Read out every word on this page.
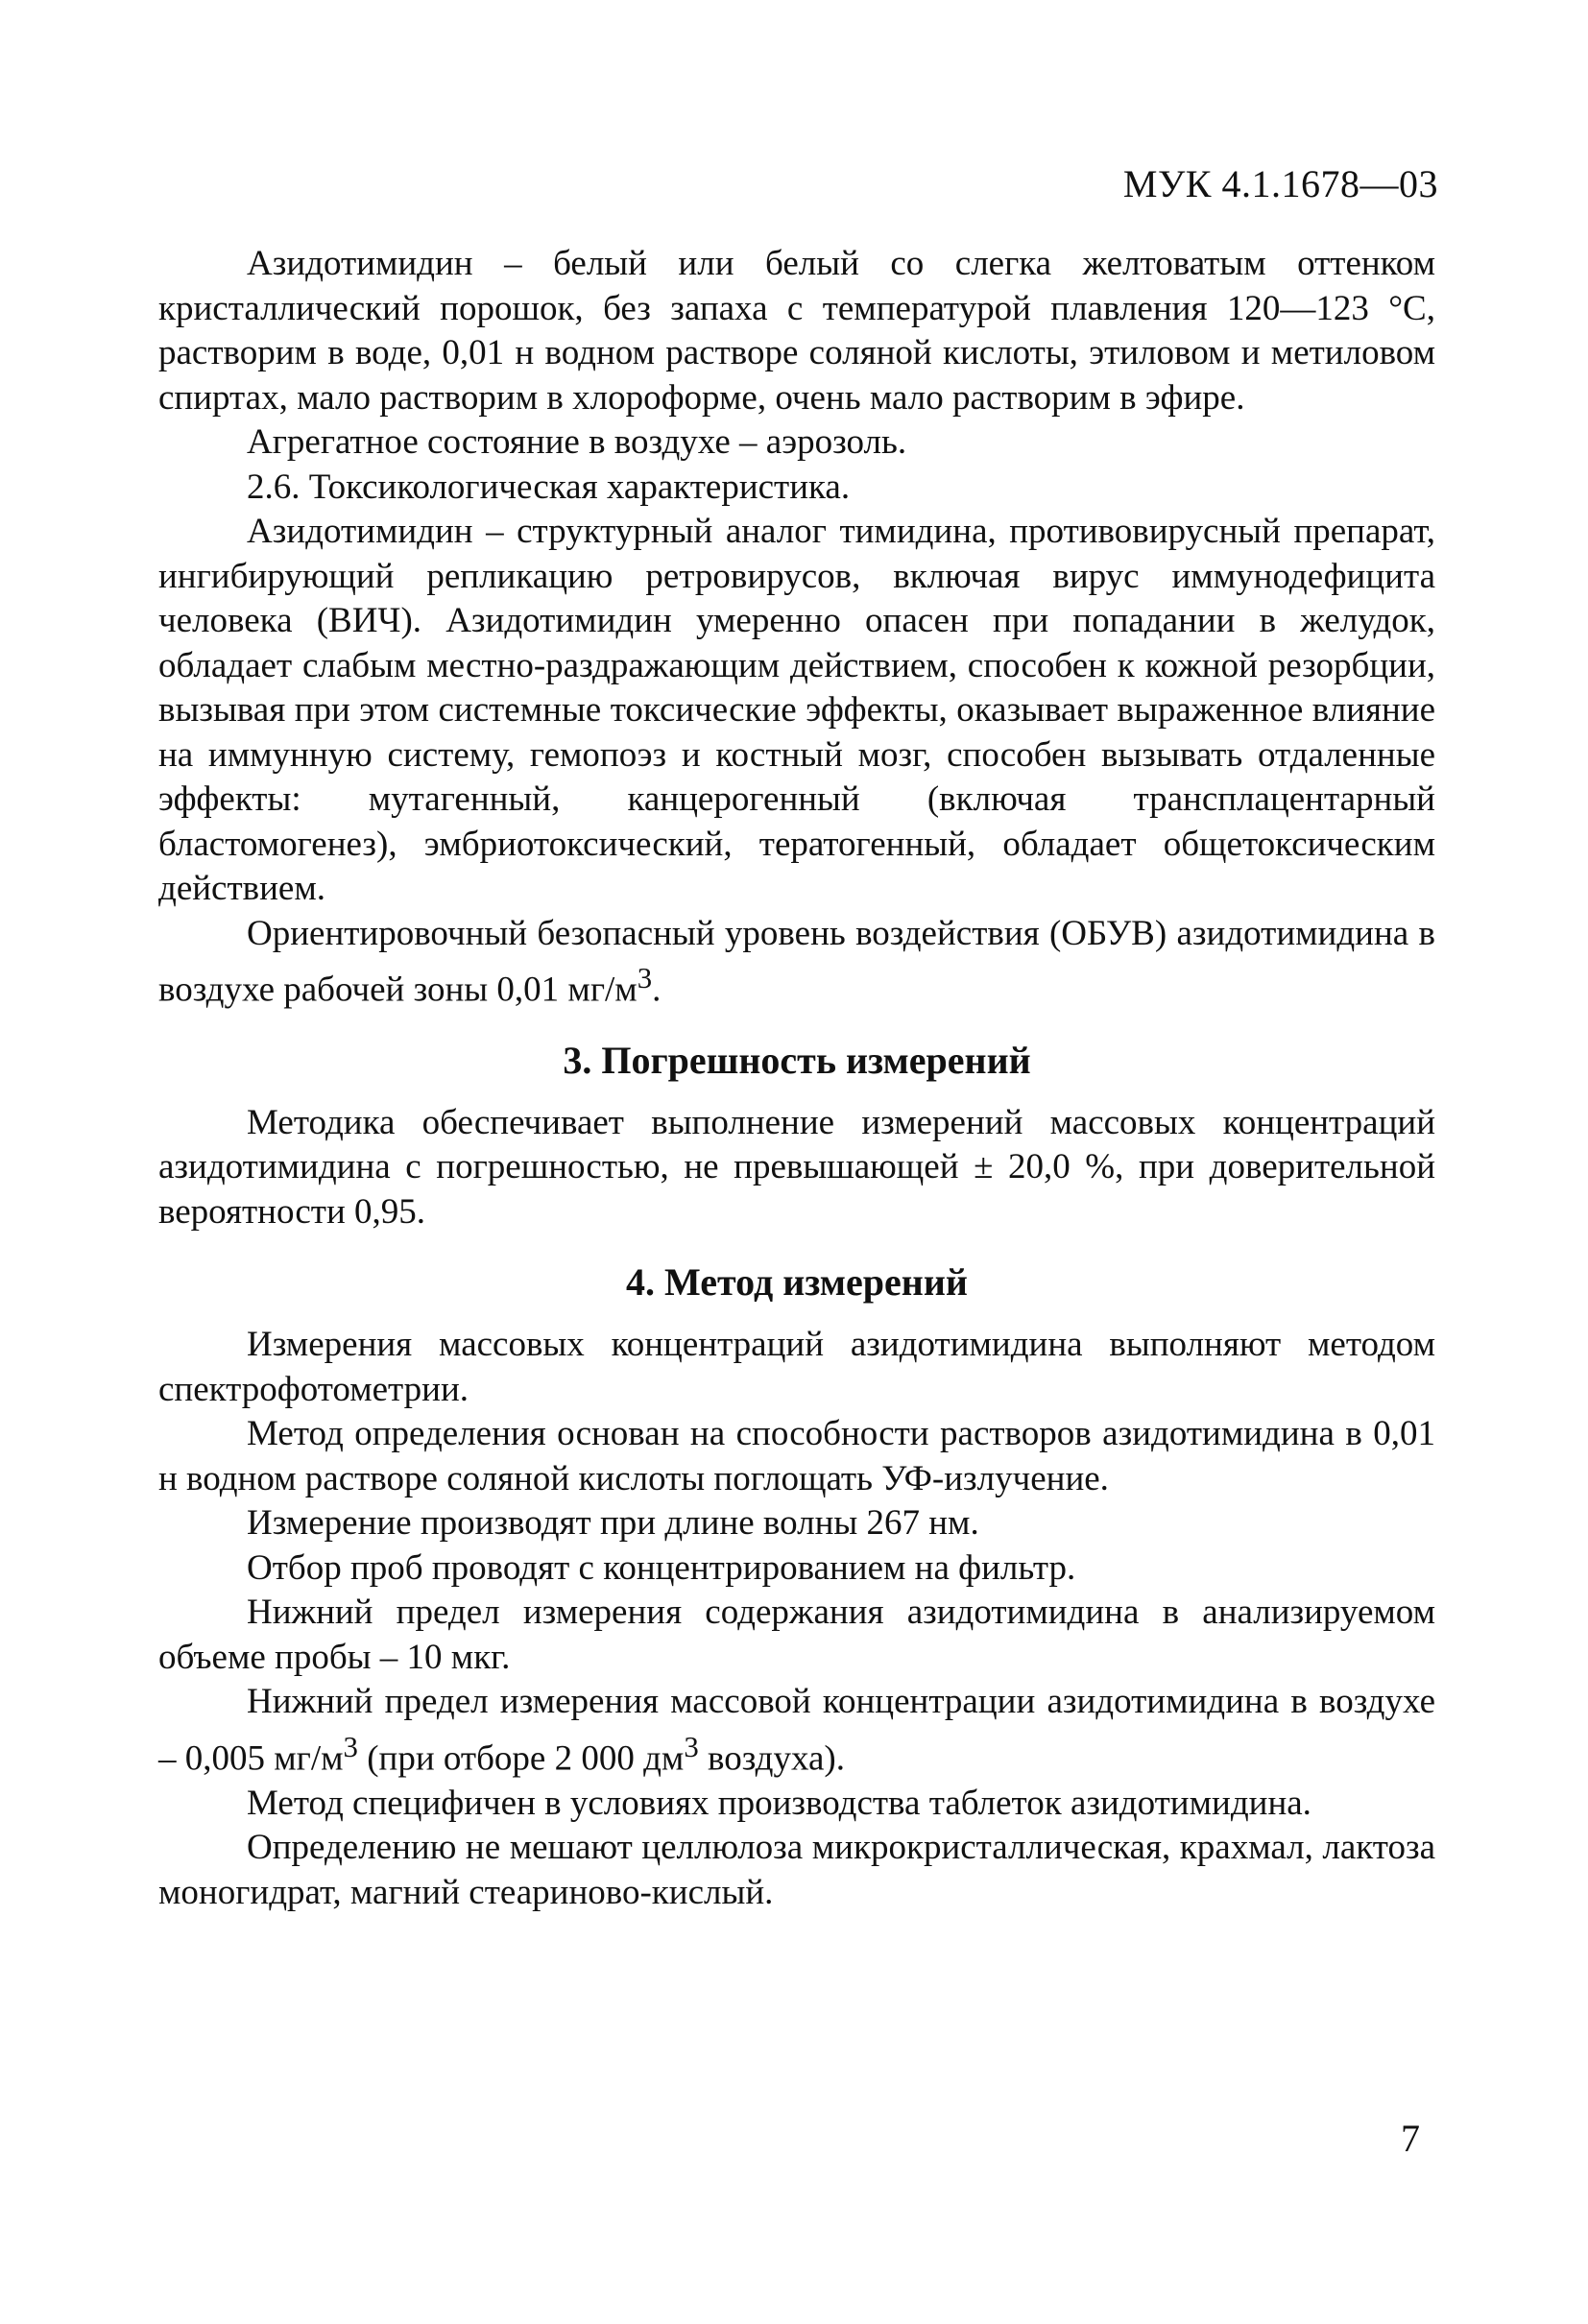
МУК 4.1.1678—03

Азидотимидин – белый или белый со слегка желтоватым оттенком кристаллический порошок, без запаха с температурой плавления 120—123 °С, растворим в воде, 0,01 н водном растворе соляной кислоты, этиловом и метиловом спиртах, мало растворим в хлороформе, очень мало растворим в эфире.

Агрегатное состояние в воздухе – аэрозоль.

2.6. Токсикологическая характеристика.

Азидотимидин – структурный аналог тимидина, противовирусный препарат, ингибирующий репликацию ретровирусов, включая вирус иммунодефицита человека (ВИЧ). Азидотимидин умеренно опасен при попадании в желудок, обладает слабым местно-раздражающим действием, способен к кожной резорбции, вызывая при этом системные токсические эффекты, оказывает выраженное влияние на иммунную систему, гемопоэз и костный мозг, способен вызывать отдаленные эффекты: мутагенный, канцерогенный (включая трансплацентарный бластомогенез), эмбриотоксический, тератогенный, обладает общетоксическим действием.

Ориентировочный безопасный уровень воздействия (ОБУВ) азидотимидина в воздухе рабочей зоны 0,01 $мг/м^3$.

3. Погрешность измерений

Методика обеспечивает выполнение измерений массовых концентраций азидотимидина с погрешностью, не превышающей ± 20,0 %, при доверительной вероятности 0,95.

4. Метод измерений

Измерения массовых концентраций азидотимидина выполняют методом спектрофотометрии.

Метод определения основан на способности растворов азидотимидина в 0,01 н водном растворе соляной кислоты поглощать УФ-излучение.

Измерение производят при длине волны 267 нм.

Отбор проб проводят с концентрированием на фильтр.

Нижний предел измерения содержания азидотимидина в анализируемом объеме пробы – 10 мкг.

Нижний предел измерения массовой концентрации азидотимидина в воздухе – 0,005 $мг/м^3$ (при отборе 2 000 $дм^3$ воздуха).

Метод специфичен в условиях производства таблеток азидотимидина.

Определению не мешают целлюлоза микрокристаллическая, крахмал, лактоза моногидрат, магний стеариново-кислый.

7
